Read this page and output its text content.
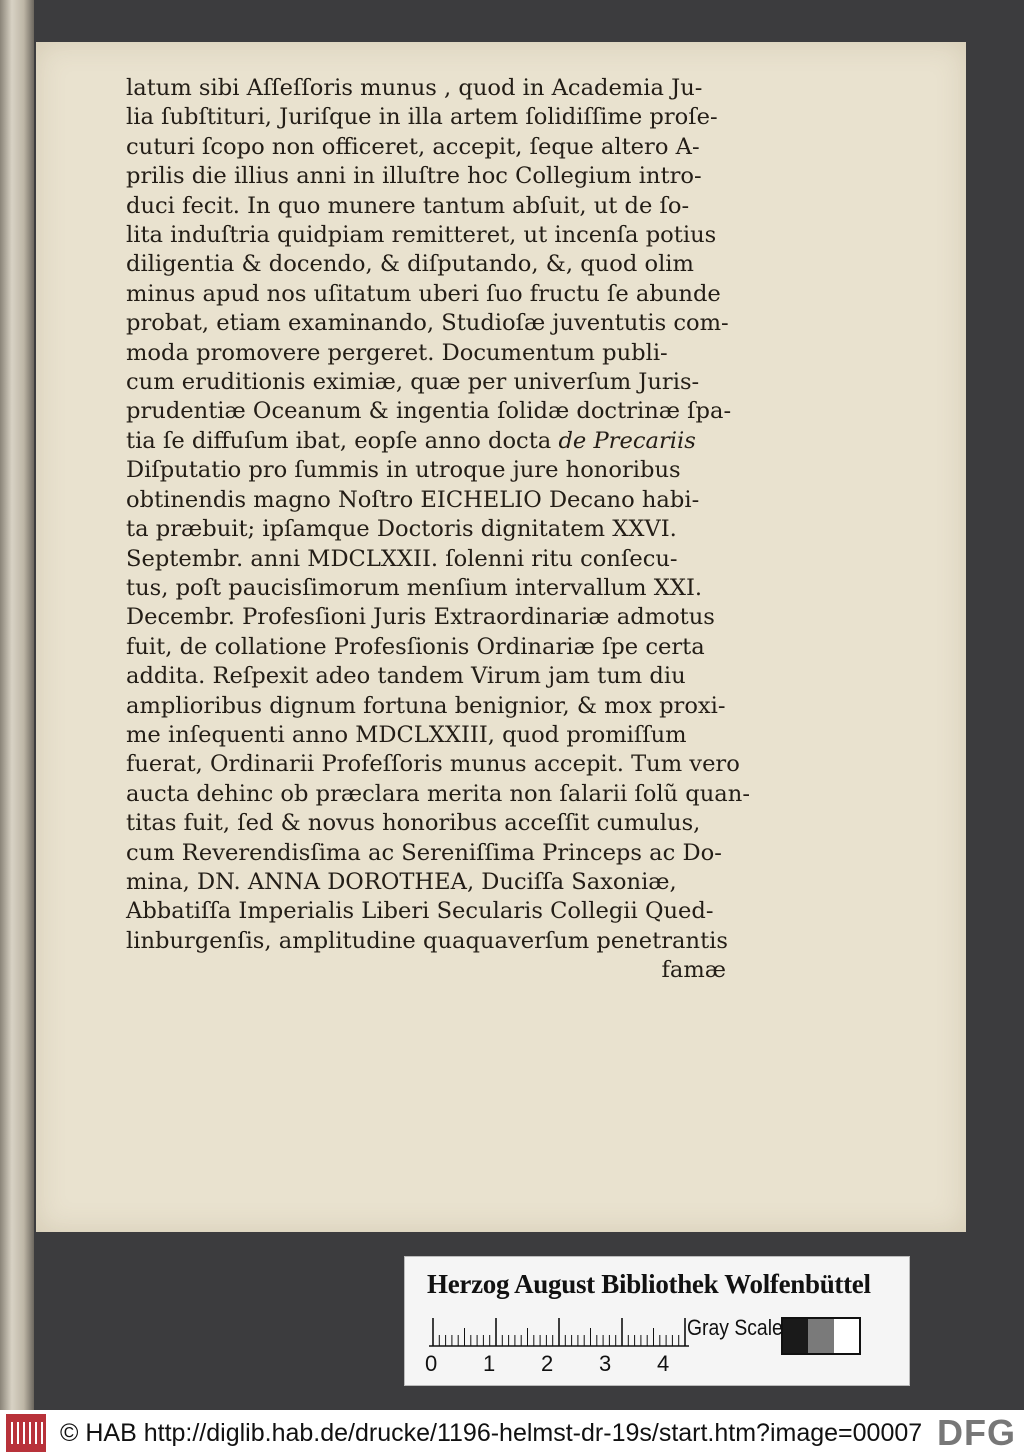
latum sibi Aſſeſſoris munus , quod in Academia Ju-
lia ſubſtituri, Juriſque in illa artem ſolidiſſime proſe-
cuturi ſcopo non officeret, accepit, ſeque altero A-
prilis die illius anni in illuſtre hoc Collegium intro-
duci fecit. In quo munere tantum abſuit, ut de ſo-
lita induſtria quidpiam remitteret, ut incenſa potius
diligentia & docendo, & diſputando, &, quod olim
minus apud nos uſitatum uberi ſuo fructu ſe abunde
probat, etiam examinando, Studioſæ juventutis com-
moda promovere pergeret. Documentum publi-
cum eruditionis eximiæ, quæ per univerſum Juris-
prudentiæ Oceanum & ingentia ſolidæ doctrinæ ſpa-
tia ſe diffuſum ibat, eopſe anno docta de Precariis
Diſputatio pro ſummis in utroque jure honoribus
obtinendis magno Noſtro EICHELIO Decano habi-
ta præbuit; ipſamque Doctoris dignitatem XXVI.
Septembr. anni MDCLXXII. ſolenni ritu conſecu-
tus, poſt paucisſimorum menſium intervallum XXI.
Decembr. Profesſioni Juris Extraordinariæ admotus
fuit, de collatione Profesſionis Ordinariæ ſpe certa
addita. Reſpexit adeo tandem Virum jam tum diu
amplioribus dignum fortuna benignior, & mox proxi-
me inſequenti anno MDCLXXIII, quod promiſſum
fuerat, Ordinarii Profeſſoris munus accepit. Tum vero
aucta dehinc ob præclara merita non ſalarii ſolũ quan-
titas fuit, ſed & novus honoribus acceſſit cumulus,
cum Reverendisſima ac Sereniſſima Princeps ac Do-
mina, DN. ANNA DOROTHEA, Duciſſa Saxoniæ,
Abbatiſſa Imperialis Liberi Secularis Collegii Qued-
linburgenſis, amplitudine quaquaverſum penetrantis
famæ
Herzog August Bibliothek Wolfenbüttel
0 1 2 3 4
Gray Scale
© HAB http://diglib.hab.de/drucke/1196-helmst-dr-19s/start.htm?image=00007 DFG
